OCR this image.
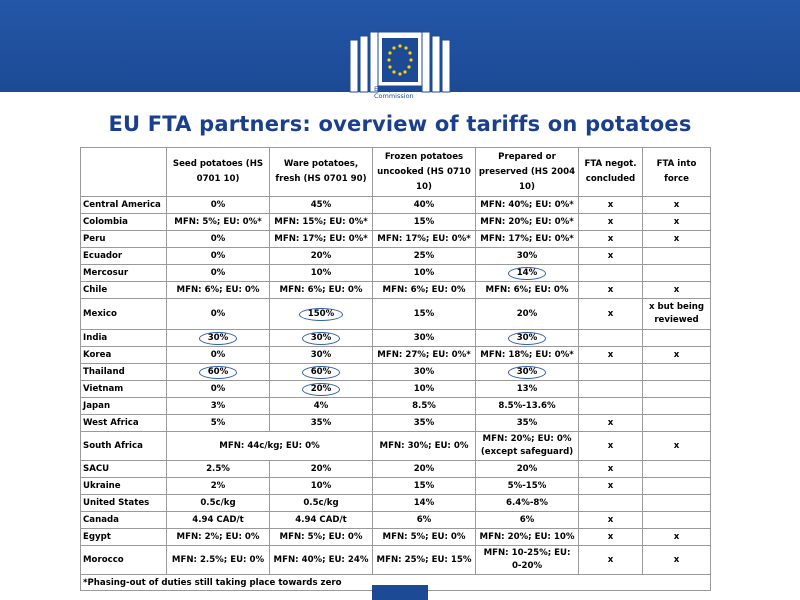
European
Commission
EU FTA partners: overview of tariffs on potatoes
	Seed potatoes (HS 0701 10)	Ware potatoes, fresh (HS 0701 90)	Frozen potatoes uncooked (HS 0710 10)	Prepared or preserved (HS 2004 10)	FTA negot. concluded	FTA into force
Central America	0%	45%	40%	MFN: 40%; EU: 0%*	x	x
Colombia	MFN: 5%; EU: 0%*	MFN: 15%; EU: 0%*	15%	MFN: 20%; EU: 0%*	x	x
Peru	0%	MFN: 17%; EU: 0%*	MFN: 17%; EU: 0%*	MFN: 17%; EU: 0%*	x	x
Ecuador	0%	20%	25%	30%	x	
Mercosur	0%	10%	10%	14%		
Chile	MFN: 6%; EU: 0%	MFN: 6%; EU: 0%	MFN: 6%; EU: 0%	MFN: 6%; EU: 0%	x	x
Mexico	0%	150%	15%	20%	x	x but being reviewed
India	30%	30%	30%	30%		
Korea	0%	30%	MFN: 27%; EU: 0%*	MFN: 18%; EU: 0%*	x	x
Thailand	60%	60%	30%	30%		
Vietnam	0%	20%	10%	13%		
Japan	3%	4%	8.5%	8.5%-13.6%		
West Africa	5%	35%	35%	35%	x	
South Africa	MFN: 44c/kg; EU: 0%		MFN: 30%; EU: 0%	MFN: 20%; EU: 0% (except safeguard)	x	x
SACU	2.5%	20%	20%	20%	x	
Ukraine	2%	10%	15%	5%-15%	x	
United States	0.5c/kg	0.5c/kg	14%	6.4%-8%		
Canada	4.94 CAD/t	4.94 CAD/t	6%	6%	x	
Egypt	MFN: 2%; EU: 0%	MFN: 5%; EU: 0%	MFN: 5%; EU: 0%	MFN: 20%; EU: 10%	x	x
Morocco	MFN: 2.5%; EU: 0%	MFN: 40%; EU: 24%	MFN: 25%; EU: 15%	MFN: 10-25%; EU: 0-20%	x	x
*Phasing-out of duties still taking place towards zero						
